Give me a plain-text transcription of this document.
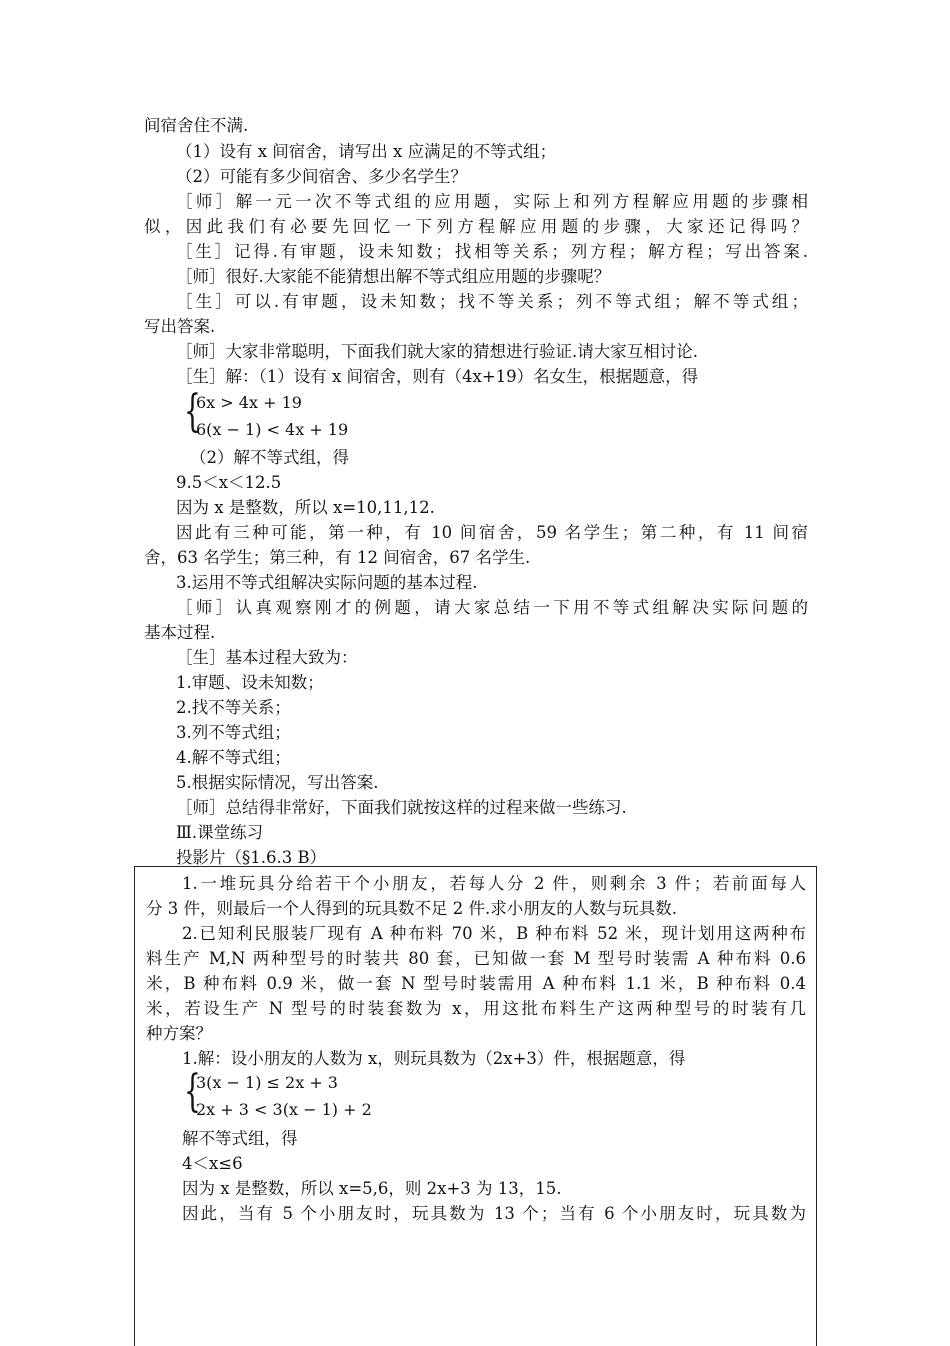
间宿舍住不满.
（1）设有 x 间宿舍，请写出 x 应满足的不等式组；
（2）可能有多少间宿舍、多少名学生？
［师］解一元一次不等式组的应用题，实际上和列方程解应用题的步骤相
似，因此我们有必要先回忆一下列方程解应用题的步骤，大家还记得吗？
［生］记得.有审题，设未知数；找相等关系；列方程；解方程；写出答案.
［师］很好.大家能不能猜想出解不等式组应用题的步骤呢？
［生］可以.有审题，设未知数；找不等关系；列不等式组；解不等式组；
写出答案.
［师］大家非常聪明，下面我们就大家的猜想进行验证.请大家互相讨论.
［生］解：（1）设有 x 间宿舍，则有（4x+19）名女生，根据题意，得
{
6x > 4x + 19
6(x − 1) < 4x + 19
（2）解不等式组，得
9.5＜x＜12.5
因为 x 是整数，所以 x=10,11,12.
因此有三种可能，第一种，有 10 间宿舍，59 名学生；第二种，有 11 间宿
舍，63 名学生；第三种，有 12 间宿舍，67 名学生.
3.运用不等式组解决实际问题的基本过程.
［师］认真观察刚才的例题，请大家总结一下用不等式组解决实际问题的
基本过程.
［生］基本过程大致为：
1.审题、设未知数；
2.找不等关系；
3.列不等式组；
4.解不等式组；
5.根据实际情况，写出答案.
［师］总结得非常好，下面我们就按这样的过程来做一些练习.
Ⅲ.课堂练习
投影片（§1.6.3 B）
1.一堆玩具分给若干个小朋友，若每人分 2 件，则剩余 3 件；若前面每人
分 3 件，则最后一个人得到的玩具数不足 2 件.求小朋友的人数与玩具数.
2.已知利民服装厂现有 A 种布料 70 米，B 种布料 52 米，现计划用这两种布
料生产 M,N 两种型号的时装共 80 套，已知做一套 M 型号时装需 A 种布料 0.6
米，B 种布料 0.9 米，做一套 N 型号时装需用 A 种布料 1.1 米，B 种布料 0.4
米，若设生产 N 型号的时装套数为 x，用这批布料生产这两种型号的时装有几
种方案？
1.解：设小朋友的人数为 x，则玩具数为（2x+3）件，根据题意，得
{
3(x − 1) ≤ 2x + 3
2x + 3 < 3(x − 1) + 2
解不等式组，得
4＜x≤6
因为 x 是整数，所以 x=5,6，则 2x+3 为 13，15.
因此，当有 5 个小朋友时，玩具数为 13 个；当有 6 个小朋友时，玩具数为
